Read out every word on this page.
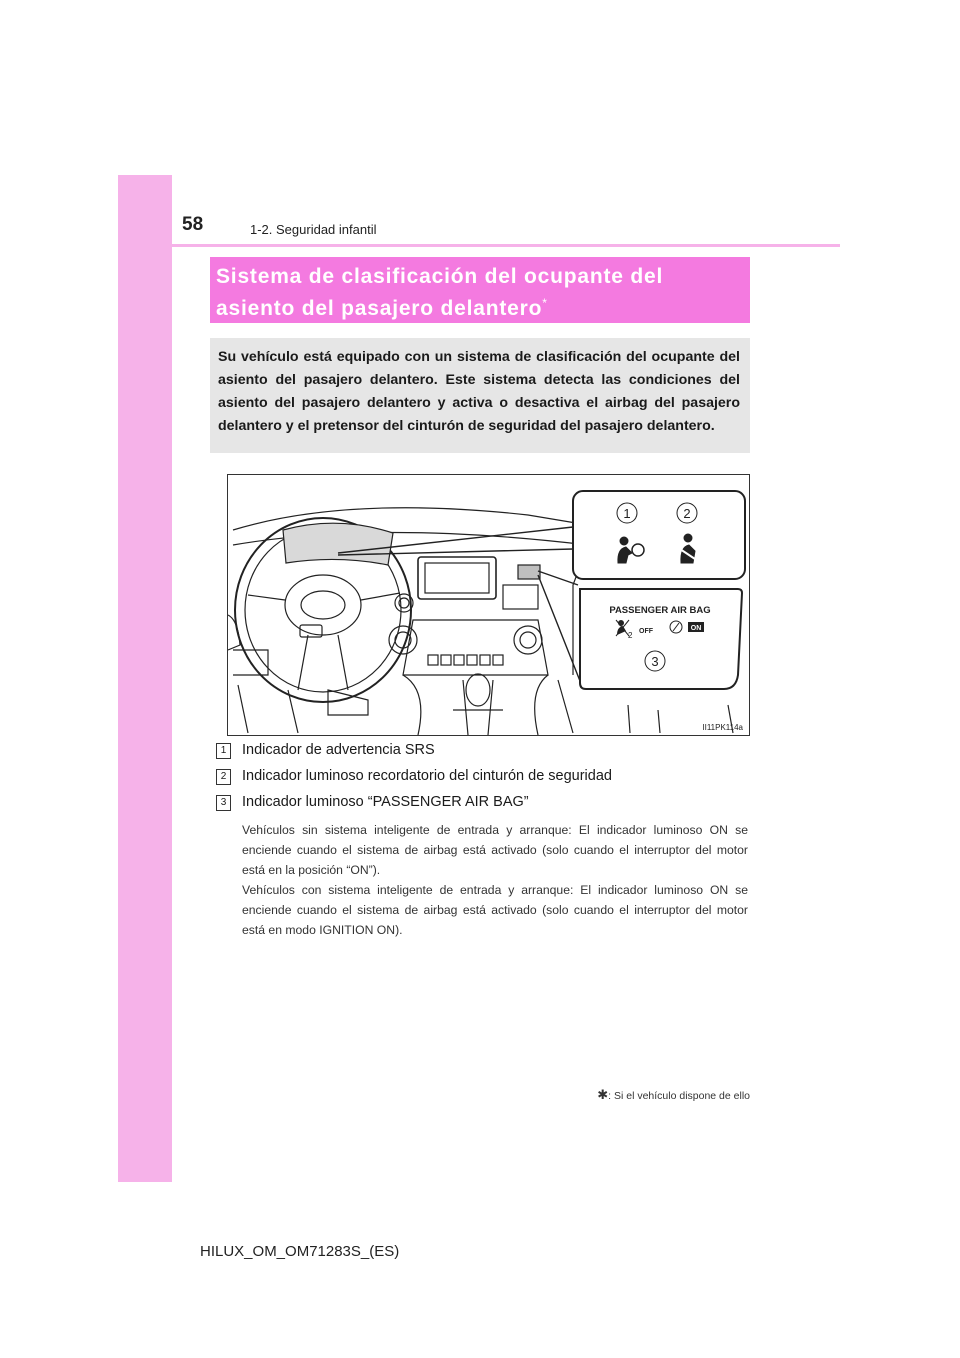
58	1-2. Seguridad infantil

Sistema de clasificación del ocupante del
asiento del pasajero delantero*

Su vehículo está equipado con un sistema de clasificación del ocupante del asiento del pasajero delantero. Este sistema detecta las condiciones del asiento del pasajero delantero y activa o desactiva el airbag del pasajero delantero y el pretensor del cinturón de seguridad del pasajero delantero.

1	2
3
PASSENGER AIR BAG
2 OFF	ON
II11PK114a
1	Indicador de advertencia SRS
2	Indicador luminoso recordatorio del cinturón de seguridad
3	Indicador luminoso “PASSENGER AIR BAG”

Vehículos sin sistema inteligente de entrada y arranque: El indicador luminoso ON se enciende cuando el sistema de airbag está activado (solo cuando el interruptor del motor está en la posición “ON”).

Vehículos con sistema inteligente de entrada y arranque: El indicador luminoso ON se enciende cuando el sistema de airbag está activado (solo cuando el interruptor del motor está en modo IGNITION ON).

✱: Si el vehículo dispone de ello
HILUX_OM_OM71283S_(ES)
